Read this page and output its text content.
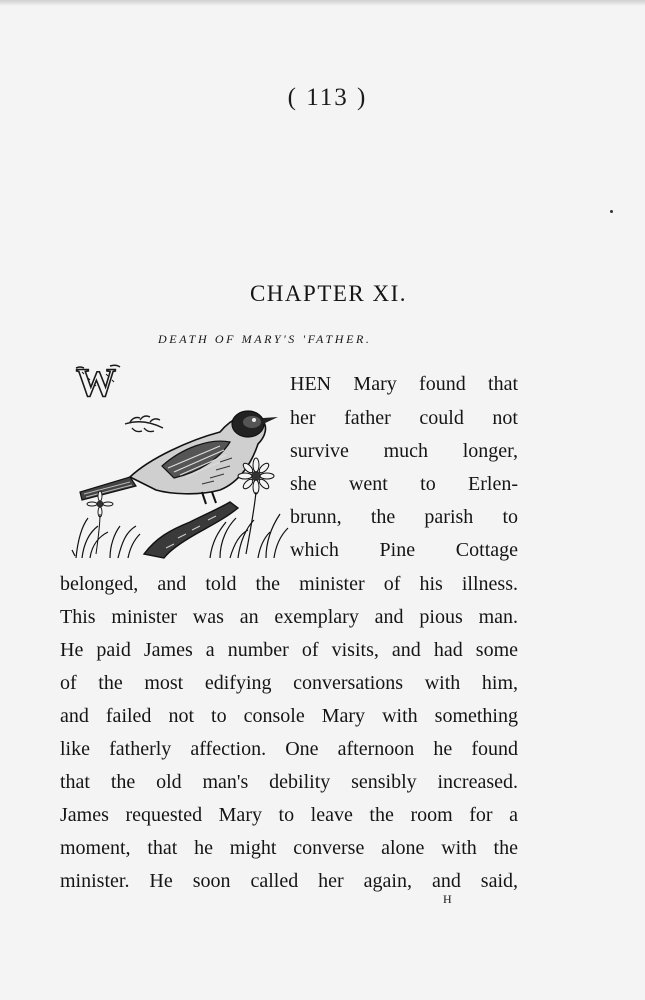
( 113 )
CHAPTER XI.
DEATH OF MARY'S 'FATHER.
W	HEN Mary found that
her father could not
survive much longer,
she went to Erlen-
brunn, the parish to
which Pine Cottage
belonged, and told the minister of his illness.
This minister was an exemplary and pious man.
He paid James a number of visits, and had some
of the most edifying conversations with him,
and failed not to console Mary with something
like fatherly affection. One afternoon he found
that the old man's debility sensibly increased.
James requested Mary to leave the room for a
moment, that he might converse alone with the
minister. He soon called her again, and said,
H
